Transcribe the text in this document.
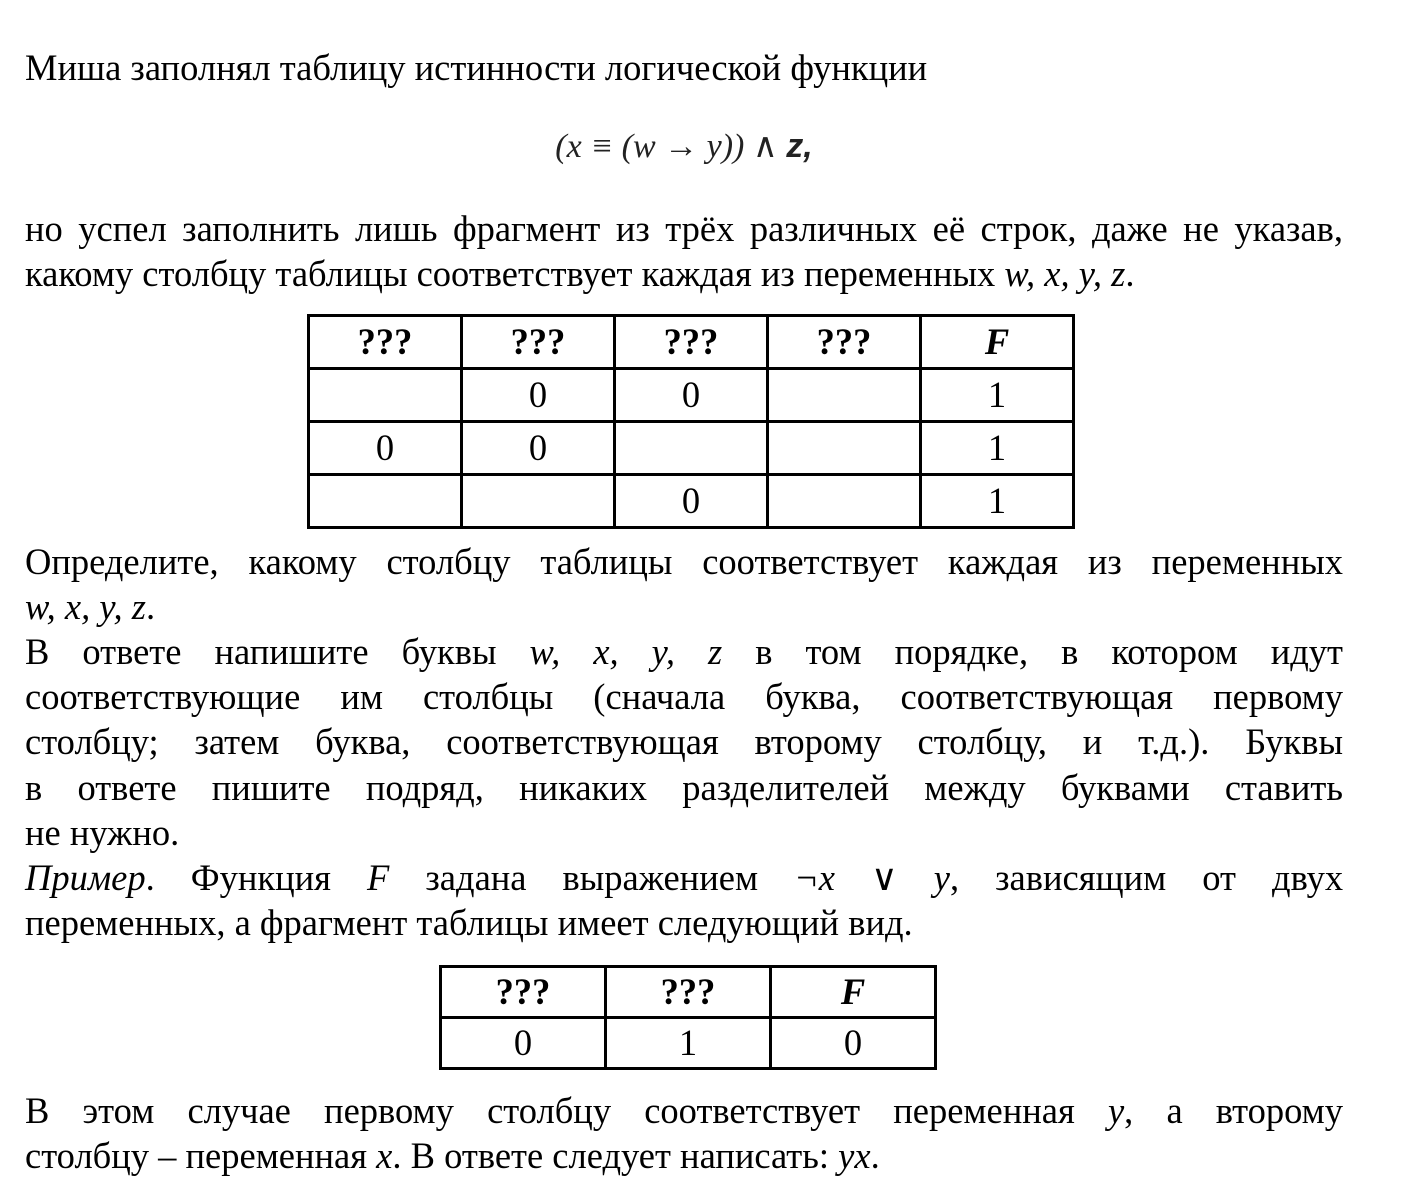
Миша заполнял таблицу истинности логической функции
(x ≡ (w → y)) ∧ z,
но успел заполнить лишь фрагмент из трёх различных её строк, даже не указав,
какому столбцу таблицы соответствует каждая из переменных w, x, y, z.
???	???	???	???	F
	0	0		1
0	0			1
		0		1
Определите, какому столбцу таблицы соответствует каждая из переменных
w, x, y, z.
В ответе напишите буквы w, x, y, z в том порядке, в котором идут
соответствующие им столбцы (сначала буква, соответствующая первому
столбцу; затем буква, соответствующая второму столбцу, и т.д.). Буквы
в ответе пишите подряд, никаких разделителей между буквами ставить
не нужно.
Пример. Функция F задана выражением ¬x ∨ y, зависящим от двух
переменных, а фрагмент таблицы имеет следующий вид.
???	???	F
0	1	0
В этом случае первому столбцу соответствует переменная y, а второму
столбцу – переменная x. В ответе следует написать: yx.
